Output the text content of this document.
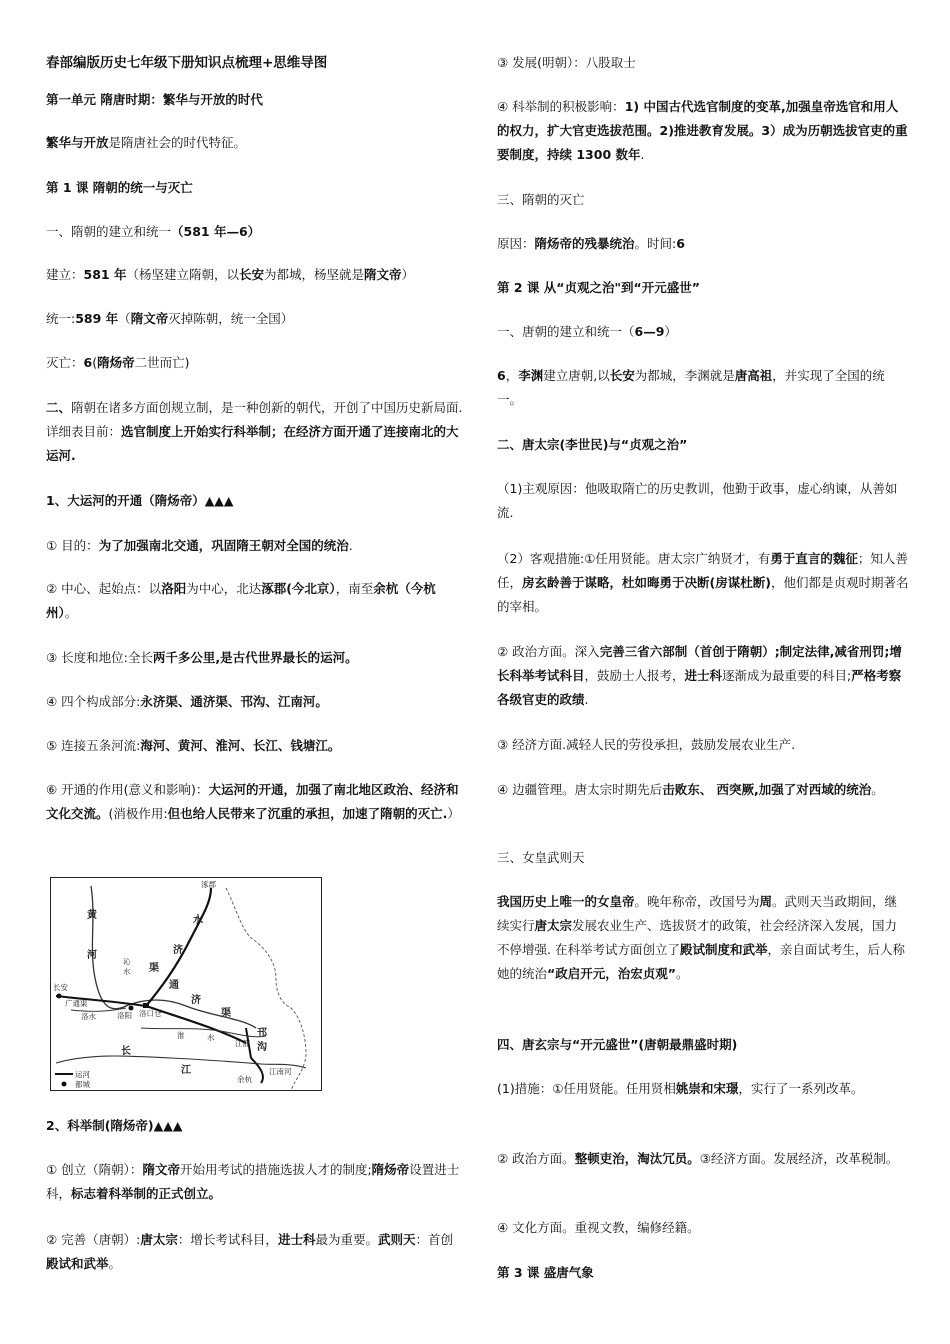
春部编版历史七年级下册知识点梳理+思维导图

第一单元 隋唐时期：繁华与开放的时代

繁华与开放是隋唐社会的时代特征。

第 1 课 隋朝的统一与灭亡

一、隋朝的建立和统一（581 年—6）

建立：581 年（杨坚建立隋朝，以长安为都城，杨坚就是隋文帝）

统一:589 年（隋文帝灭掉陈朝，统一全国）

灭亡：6(隋炀帝二世而亡)

二、隋朝在诸多方面创规立制，是一种创新的朝代，开创了中国历史新局面. 详细表目前：选官制度上开始实行科举制；在经济方面开通了连接南北的大运河.

1、大运河的开通（隋炀帝）▲▲▲

① 目的：为了加强南北交通，巩固隋王朝对全国的统治.

② 中心、起始点：以洛阳为中心，北达涿郡(今北京），南至余杭（今杭州）。

③ 长度和地位:全长两千多公里,是古代世界最长的运河。

④ 四个构成部分:永济渠、通济渠、邗沟、江南河。

⑤ 连接五条河流:海河、黄河、淮河、长江、钱塘江。

⑥ 开通的作用(意义和影响)：大运河的开通，加强了南北地区政治、经济和文化交流。(消极作用:但也给人民带来了沉重的承担，加速了隋朝的灭亡.）

2、科举制(隋炀帝)▲▲▲

① 创立（隋朝）：隋文帝开始用考试的措施选拔人才的制度;隋炀帝设置进士科，标志着科举制的正式创立。

② 完善（唐朝）:唐太宗：增长考试科目，进士科最为重要。武则天：首创殿试和武举。

涿郡
黄
河
水
济
沁
水 渠
通
济
渠
长安
广通渠
洛水	洛阳 洛口仓
淮	水
江都
邗
沟
江南河
长
江
余杭
运河
都城

③ 发展(明朝）：八股取士

④ 科举制的积极影响：1) 中国古代选官制度的变革,加强皇帝选官和用人的权力，扩大官吏选拔范围。2)推进教育发展。3）成为历朝选拔官吏的重要制度，持续 1300 数年.

三、隋朝的灭亡

原因：隋炀帝的残暴统治。时间:6

第 2 课 从“贞观之治"到“开元盛世”

一、唐朝的建立和统一（6—9）

6，李渊建立唐朝,以长安为都城，李渊就是唐高祖，并实现了全国的统一。

二、唐太宗(李世民)与“贞观之治”

（1)主观原因：他吸取隋亡的历史教训，他勤于政事，虚心纳谏，从善如流.

（2）客观措施:①任用贤能。唐太宗广纳贤才，有勇于直言的魏征；知人善任，房玄龄善于谋略，杜如晦勇于决断(房谋杜断)，他们都是贞观时期著名的宰相。

② 政治方面。深入完善三省六部制（首创于隋朝）;制定法律,减省刑罚;增长科举考试科目，鼓励士人报考，进士科逐渐成为最重要的科目;严格考察各级官吏的政绩.

③ 经济方面.减轻人民的劳役承担，鼓励发展农业生产.

④ 边疆管理。唐太宗时期先后击败东、 西突厥,加强了对西域的统治。

三、女皇武则天

我国历史上唯一的女皇帝。晚年称帝，改国号为周。武则天当政期间，继续实行唐太宗发展农业生产、选拔贤才的政策，社会经济深入发展，国力不停增强. 在科举考试方面创立了殿试制度和武举，亲自面试考生，后人称她的统治“政启开元，治宏贞观”。

四、唐玄宗与“开元盛世”(唐朝最鼎盛时期)

(1)措施：①任用贤能。任用贤相姚崇和宋璟，实行了一系列改革。

② 政治方面。整顿吏治，淘汰冗员。③经济方面。发展经济，改革税制。

④ 文化方面。重视文教，编修经籍。

第 3 课 盛唐气象
